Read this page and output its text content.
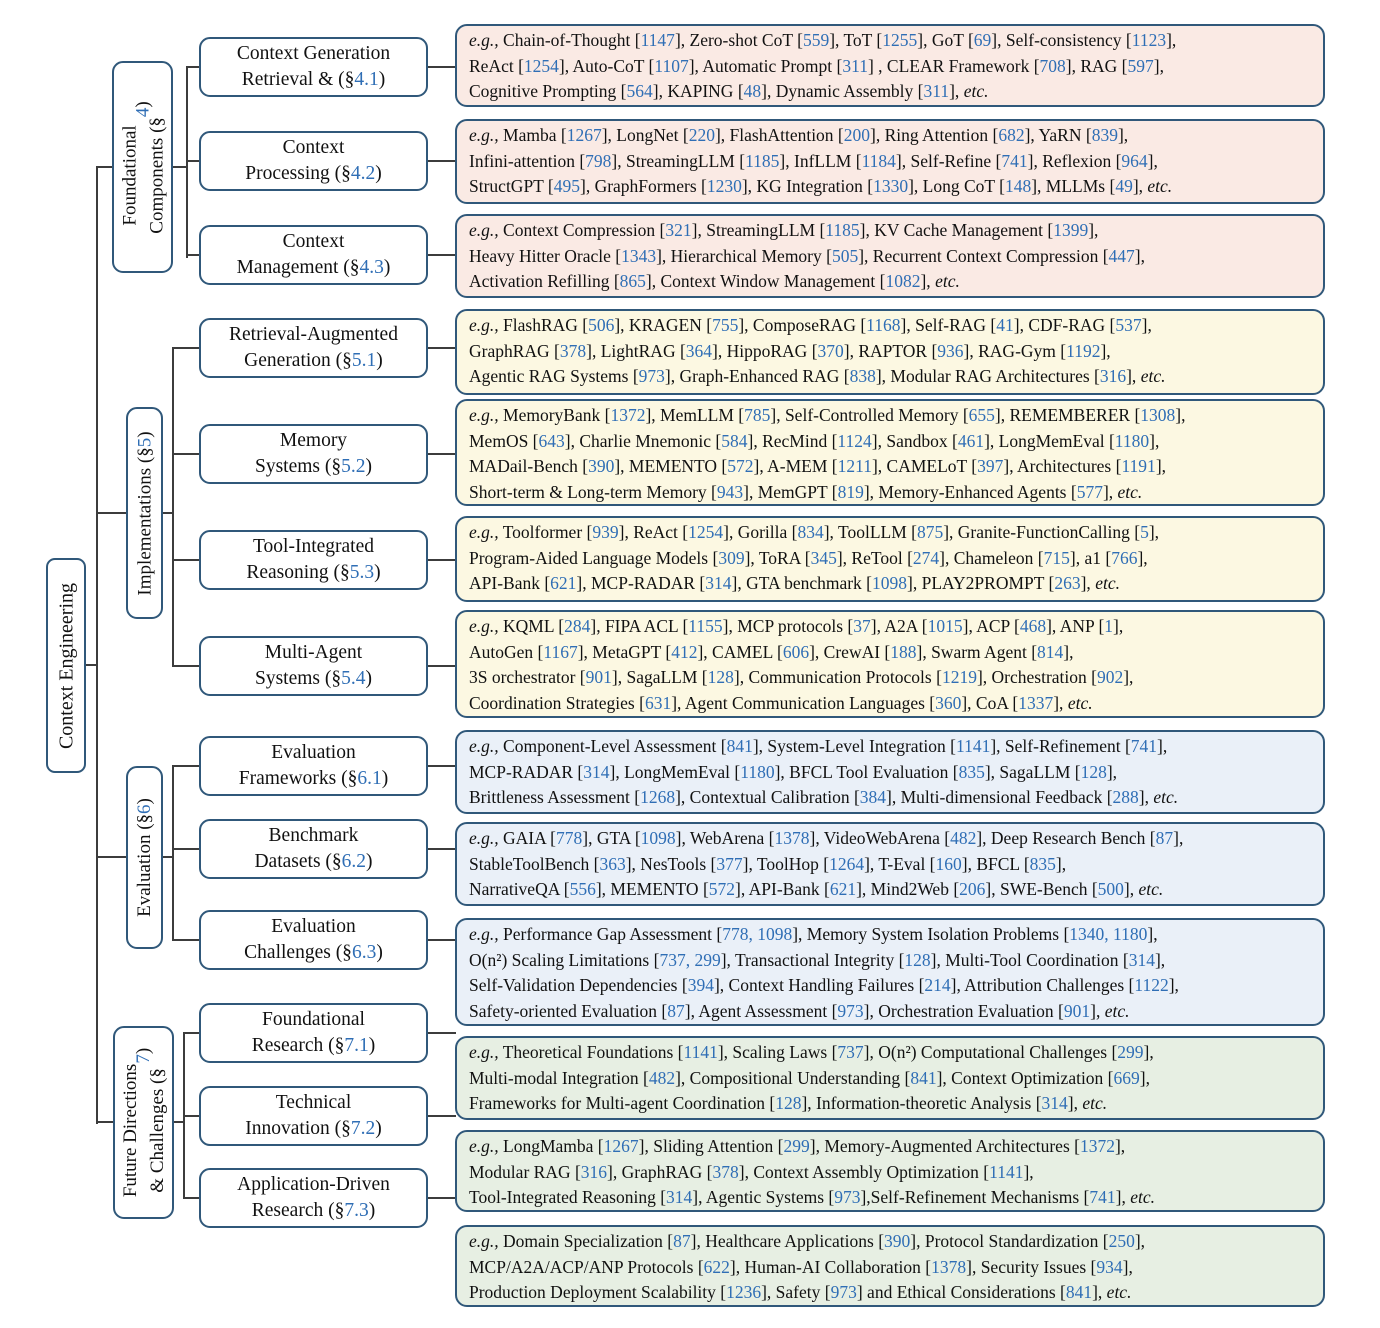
Context Engineering
Foundational Components (§
4
)
Implementations (§
5
)
Evaluation (§
6
)
Future Directions & Challenges (§
7
)
Context Generation
Retrieval & (§4.1)
Context
Processing (§4.2)
Context
Management (§4.3)
Retrieval-Augmented
Generation (§5.1)
Memory
Systems (§5.2)
Tool-Integrated
Reasoning (§5.3)
Multi-Agent
Systems (§5.4)
Evaluation
Frameworks (§6.1)
Benchmark
Datasets (§6.2)
Evaluation
Challenges (§6.3)
Foundational
Research (§7.1)
Technical
Innovation (§7.2)
Application-Driven
Research (§7.3)
e.g., Chain-of-Thought [1147], Zero-shot CoT [559], ToT [1255], GoT [69], Self-consistency [1123],
ReAct [1254], Auto-CoT [1107], Automatic Prompt [311] , CLEAR Framework [708], RAG [597],
Cognitive Prompting [564], KAPING [48], Dynamic Assembly [311], etc.
e.g., Mamba [1267], LongNet [220], FlashAttention [200], Ring Attention [682], YaRN [839],
Infini-attention [798], StreamingLLM [1185], InfLLM [1184], Self-Refine [741], Reflexion [964],
StructGPT [495], GraphFormers [1230], KG Integration [1330], Long CoT [148], MLLMs [49], etc.
e.g., Context Compression [321], StreamingLLM [1185], KV Cache Management [1399],
Heavy Hitter Oracle [1343], Hierarchical Memory [505], Recurrent Context Compression [447],
Activation Refilling [865], Context Window Management [1082], etc.
e.g., FlashRAG [506], KRAGEN [755], ComposeRAG [1168], Self-RAG [41], CDF-RAG [537],
GraphRAG [378], LightRAG [364], HippoRAG [370], RAPTOR [936], RAG-Gym [1192],
Agentic RAG Systems [973], Graph-Enhanced RAG [838], Modular RAG Architectures [316], etc.
e.g., MemoryBank [1372], MemLLM [785], Self-Controlled Memory [655], REMEMBERER [1308],
MemOS [643], Charlie Mnemonic [584], RecMind [1124], Sandbox [461], LongMemEval [1180],
MADail-Bench [390], MEMENTO [572], A-MEM [1211], CAMELoT [397], Architectures [1191],
Short-term & Long-term Memory [943], MemGPT [819], Memory-Enhanced Agents [577], etc.
e.g., Toolformer [939], ReAct [1254], Gorilla [834], ToolLLM [875], Granite-FunctionCalling [5],
Program-Aided Language Models [309], ToRA [345], ReTool [274], Chameleon [715], a1 [766],
API-Bank [621], MCP-RADAR [314], GTA benchmark [1098], PLAY2PROMPT [263], etc.
e.g., KQML [284], FIPA ACL [1155], MCP protocols [37], A2A [1015], ACP [468], ANP [1],
AutoGen [1167], MetaGPT [412], CAMEL [606], CrewAI [188], Swarm Agent [814],
3S orchestrator [901], SagaLLM [128], Communication Protocols [1219], Orchestration [902],
Coordination Strategies [631], Agent Communication Languages [360], CoA [1337], etc.
e.g., Component-Level Assessment [841], System-Level Integration [1141], Self-Refinement [741],
MCP-RADAR [314], LongMemEval [1180], BFCL Tool Evaluation [835], SagaLLM [128],
Brittleness Assessment [1268], Contextual Calibration [384], Multi-dimensional Feedback [288], etc.
e.g., GAIA [778], GTA [1098], WebArena [1378], VideoWebArena [482], Deep Research Bench [87],
StableToolBench [363], NesTools [377], ToolHop [1264], T-Eval [160], BFCL [835],
NarrativeQA [556], MEMENTO [572], API-Bank [621], Mind2Web [206], SWE-Bench [500], etc.
e.g., Performance Gap Assessment [778, 1098], Memory System Isolation Problems [1340, 1180],
O(n²) Scaling Limitations [737, 299], Transactional Integrity [128], Multi-Tool Coordination [314],
Self-Validation Dependencies [394], Context Handling Failures [214], Attribution Challenges [1122],
Safety-oriented Evaluation [87], Agent Assessment [973], Orchestration Evaluation [901], etc.
e.g., Theoretical Foundations [1141], Scaling Laws [737], O(n²) Computational Challenges [299],
Multi-modal Integration [482], Compositional Understanding [841], Context Optimization [669],
Frameworks for Multi-agent Coordination [128], Information-theoretic Analysis [314], etc.
e.g., LongMamba [1267], Sliding Attention [299], Memory-Augmented Architectures [1372],
Modular RAG [316], GraphRAG [378], Context Assembly Optimization [1141],
Tool-Integrated Reasoning [314], Agentic Systems [973],Self-Refinement Mechanisms [741], etc.
e.g., Domain Specialization [87], Healthcare Applications [390], Protocol Standardization [250],
MCP/A2A/ACP/ANP Protocols [622], Human-AI Collaboration [1378], Security Issues [934],
Production Deployment Scalability [1236], Safety [973] and Ethical Considerations [841], etc.
